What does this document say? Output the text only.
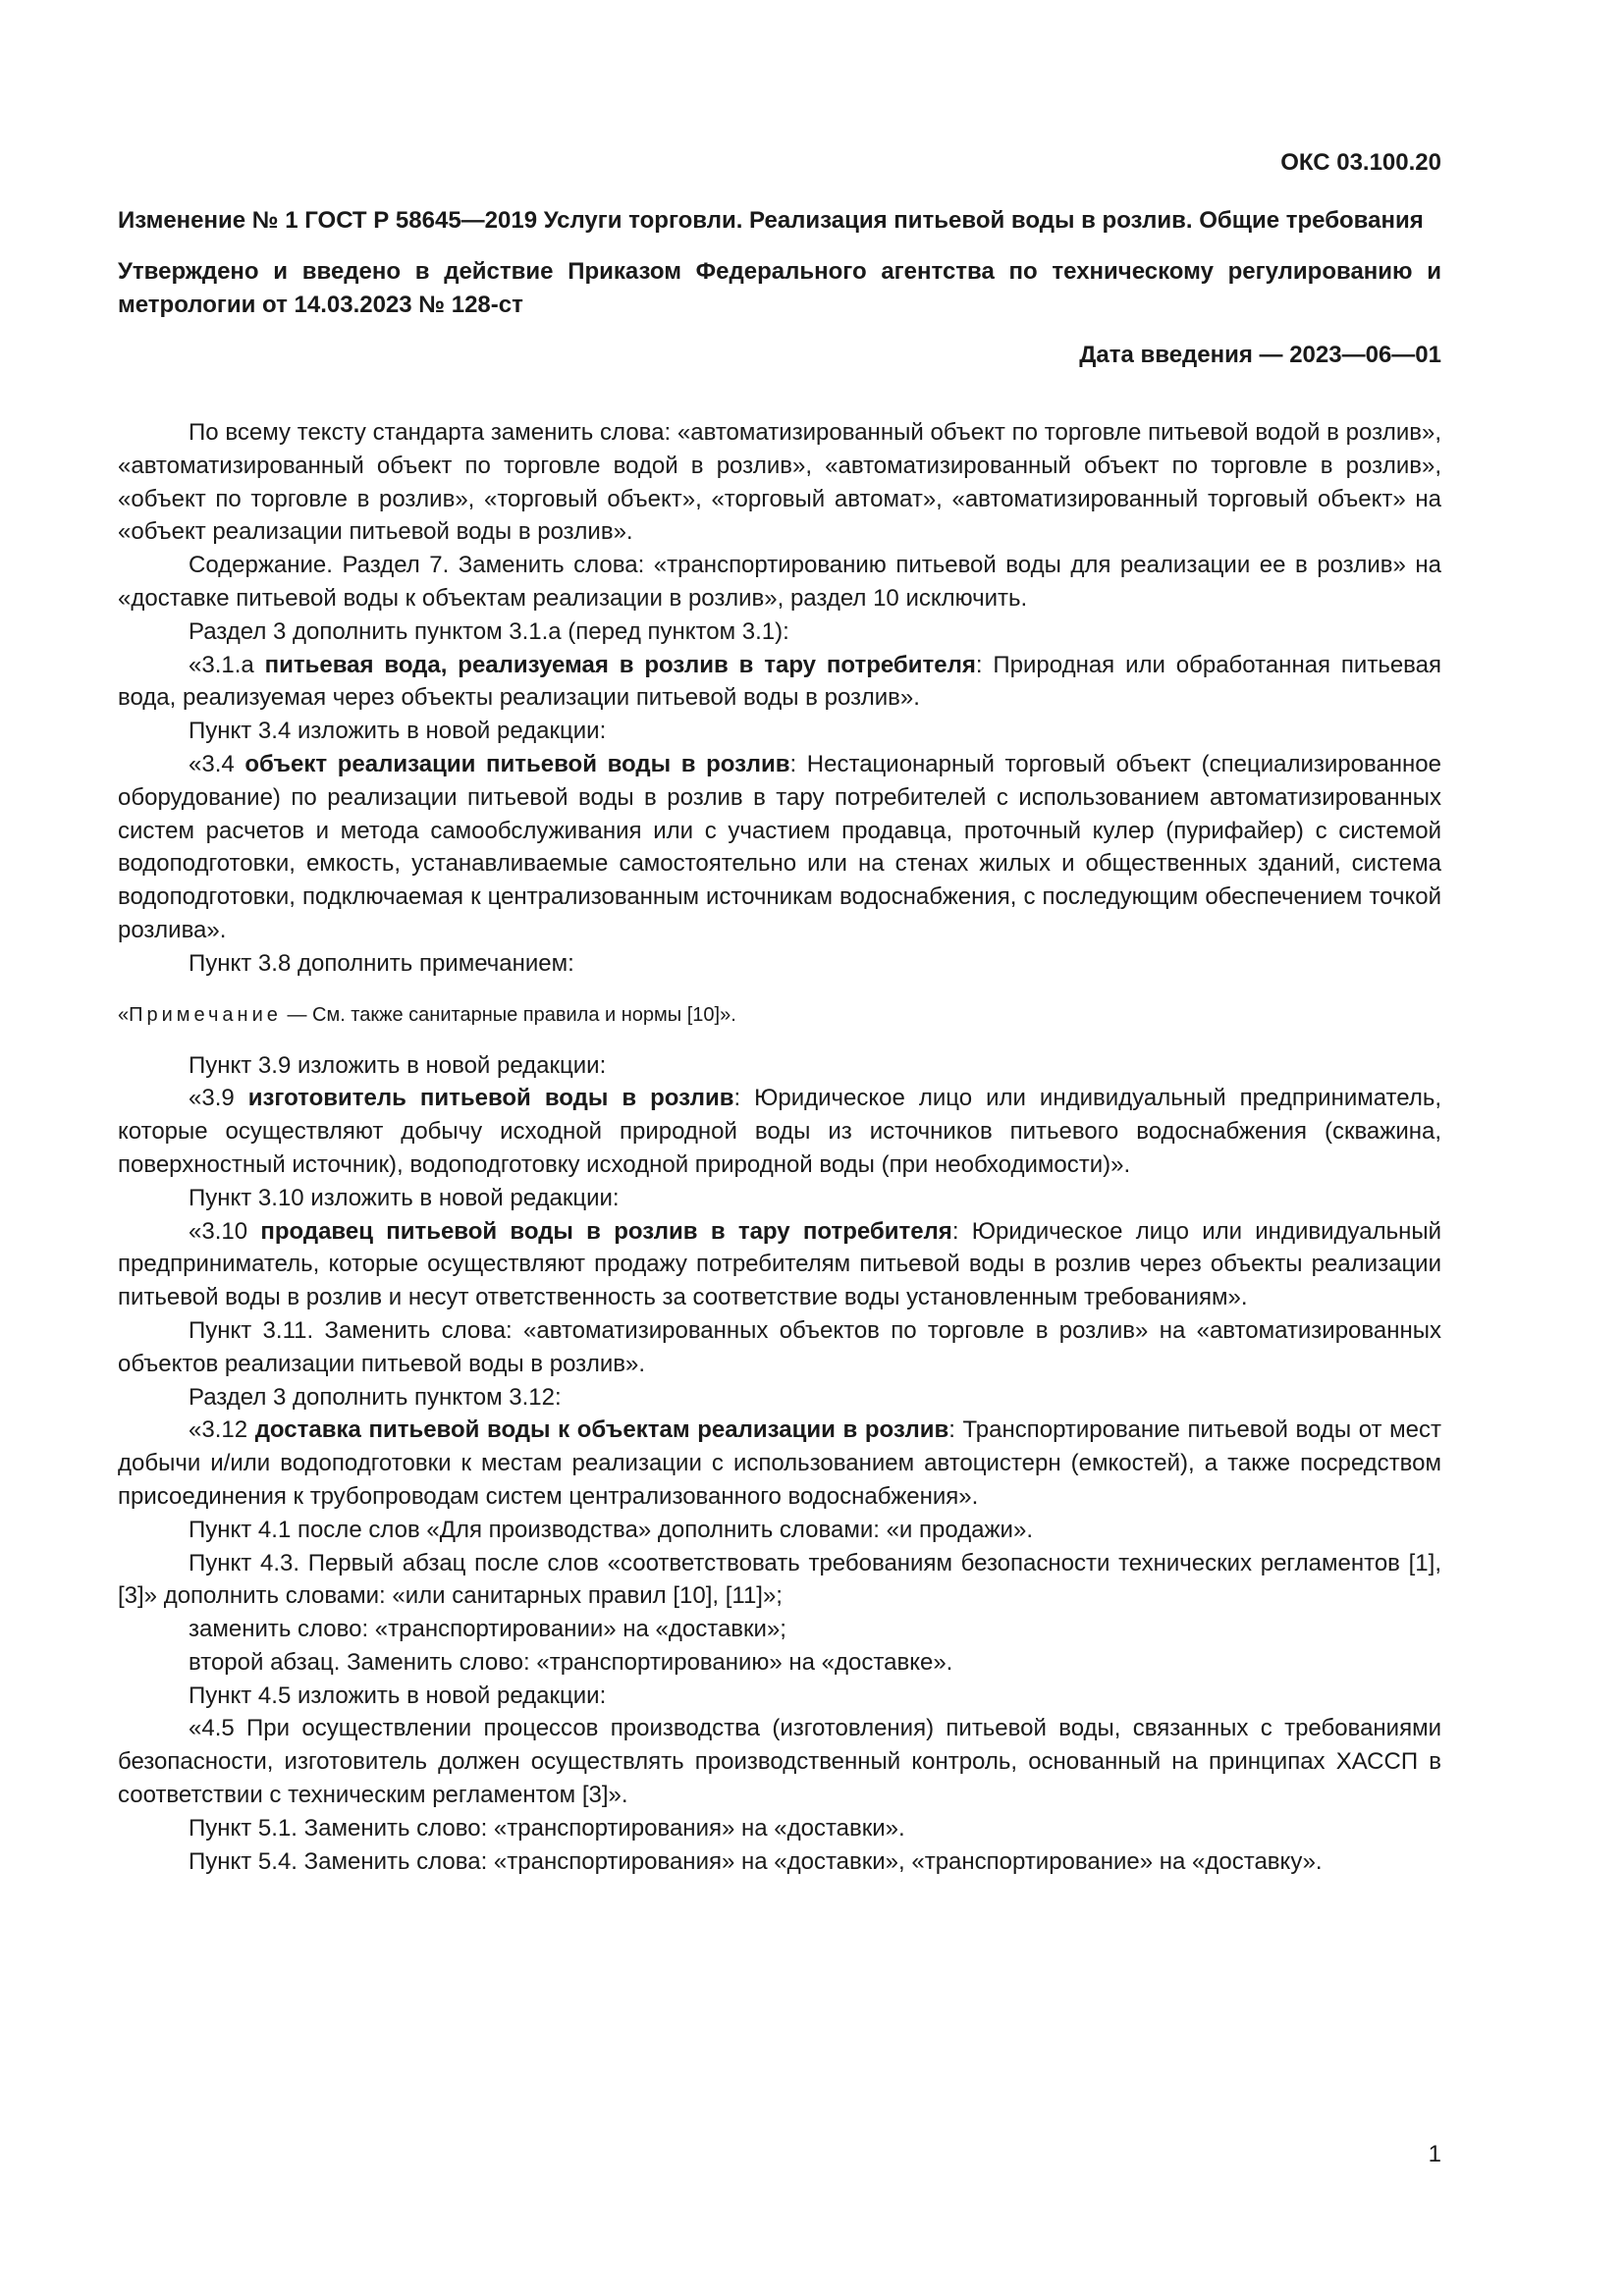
ОКС 03.100.20
Изменение № 1 ГОСТ Р 58645—2019 Услуги торговли. Реализация питьевой воды в розлив. Общие требования
Утверждено и введено в действие Приказом Федерального агентства по техническому регулированию и метрологии от 14.03.2023 № 128-ст
Дата введения — 2023—06—01

По всему тексту стандарта заменить слова: «автоматизированный объект по торговле питьевой водой в розлив», «автоматизированный объект по торговле водой в розлив», «автоматизированный объект по торговле в розлив», «объект по торговле в розлив», «торговый объект», «торговый автомат», «автоматизированный торговый объект» на «объект реализации питьевой воды в розлив».

Содержание. Раздел 7. Заменить слова: «транспортированию питьевой воды для реализации ее в розлив» на «доставке питьевой воды к объектам реализации в розлив», раздел 10 исключить.

Раздел 3 дополнить пунктом 3.1.а (перед пунктом 3.1):

«3.1.а питьевая вода, реализуемая в розлив в тару потребителя: Природная или обработанная питьевая вода, реализуемая через объекты реализации питьевой воды в розлив».

Пункт 3.4 изложить в новой редакции:

«3.4 объект реализации питьевой воды в розлив: Нестационарный торговый объект (специализированное оборудование) по реализации питьевой воды в розлив в тару потребителей с использованием автоматизированных систем расчетов и метода самообслуживания или с участием продавца, проточный кулер (пурифайер) с системой водоподготовки, емкость, устанавливаемые самостоятельно или на стенах жилых и общественных зданий, система водоподготовки, подключаемая к централизованным источникам водоснабжения, с последующим обеспечением точкой розлива».

Пункт 3.8 дополнить примечанием:

«Примечание — См. также санитарные правила и нормы [10]».

Пункт 3.9 изложить в новой редакции:

«3.9 изготовитель питьевой воды в розлив: Юридическое лицо или индивидуальный предприниматель, которые осуществляют добычу исходной природной воды из источников питьевого водоснабжения (скважина, поверхностный источник), водоподготовку исходной природной воды (при необходимости)».

Пункт 3.10 изложить в новой редакции:

«3.10 продавец питьевой воды в розлив в тару потребителя: Юридическое лицо или индивидуальный предприниматель, которые осуществляют продажу потребителям питьевой воды в розлив через объекты реализации питьевой воды в розлив и несут ответственность за соответствие воды установленным требованиям».

Пункт 3.11. Заменить слова: «автоматизированных объектов по торговле в розлив» на «автоматизированных объектов реализации питьевой воды в розлив».

Раздел 3 дополнить пунктом 3.12:

«3.12 доставка питьевой воды к объектам реализации в розлив: Транспортирование питьевой воды от мест добычи и/или водоподготовки к местам реализации с использованием автоцистерн (емкостей), а также посредством присоединения к трубопроводам систем централизованного водоснабжения».

Пункт 4.1 после слов «Для производства» дополнить словами: «и продажи».

Пункт 4.3. Первый абзац после слов «соответствовать требованиям безопасности технических регламентов [1], [3]» дополнить словами: «или санитарных правил [10], [11]»;

заменить слово: «транспортировании» на «доставки»;

второй абзац. Заменить слово: «транспортированию» на «доставке».

Пункт 4.5 изложить в новой редакции:

«4.5 При осуществлении процессов производства (изготовления) питьевой воды, связанных с требованиями безопасности, изготовитель должен осуществлять производственный контроль, основанный на принципах ХАССП в соответствии с техническим регламентом [3]».

Пункт 5.1. Заменить слово: «транспортирования» на «доставки».

Пункт 5.4. Заменить слова: «транспортирования» на «доставки», «транспортирование» на «доставку».

1
